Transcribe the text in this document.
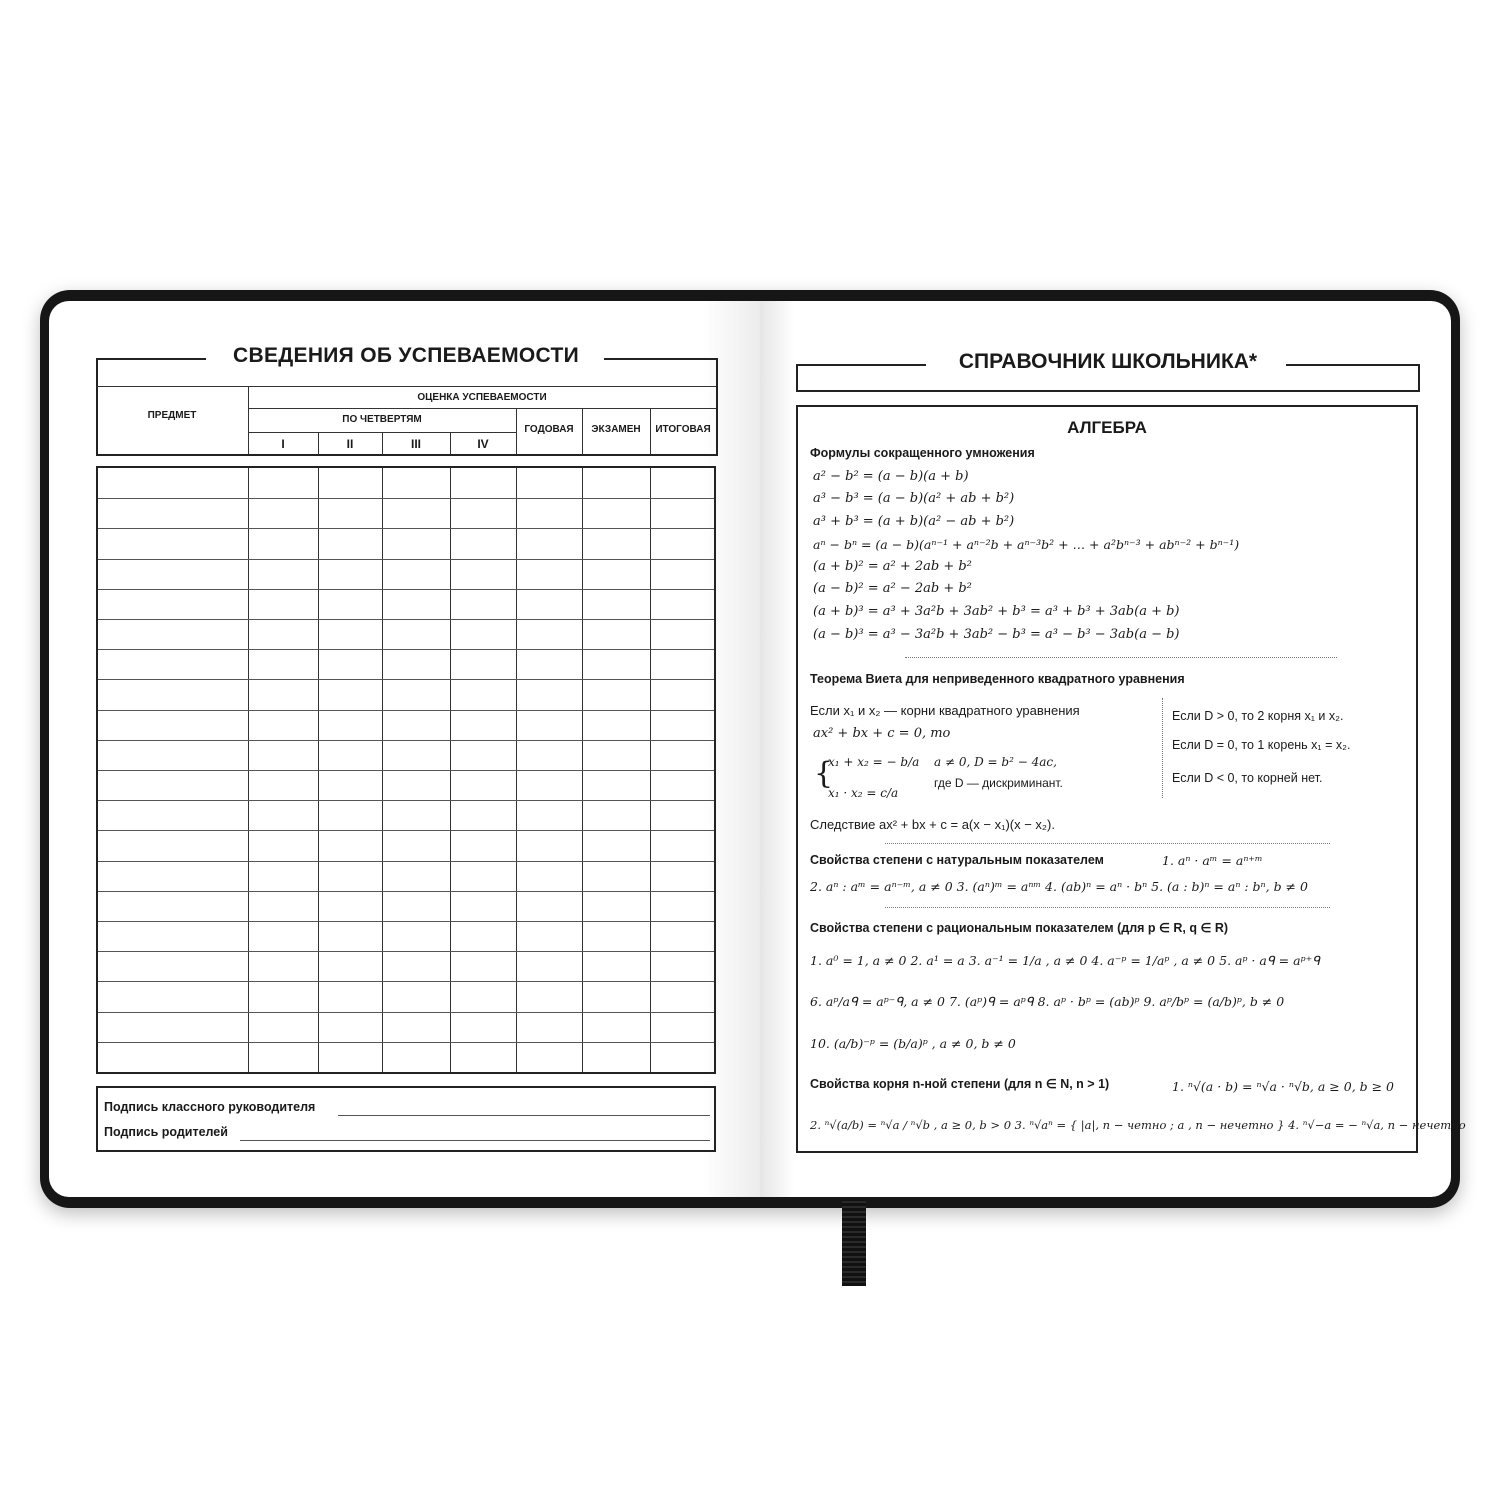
СВЕДЕНИЯ ОБ УСПЕВАЕМОСТИ
ПРЕДМЕТ
ОЦЕНКА УСПЕВАЕМОСТИ
ПО ЧЕТВЕРТЯМ
I	II	III	IV
ГОДОВАЯ	ЭКЗАМЕН	ИТОГОВАЯ
Подпись классного руководителя
Подпись родителей
СПРАВОЧНИК ШКОЛЬНИКА*
АЛГЕБРА
Формулы сокращенного умножения
a² − b² = (a − b)(a + b)
a³ − b³ = (a − b)(a² + ab + b²)
a³ + b³ = (a + b)(a² − ab + b²)
aⁿ − bⁿ = (a − b)(aⁿ⁻¹ + aⁿ⁻²b + aⁿ⁻³b² + … + a²bⁿ⁻³ + abⁿ⁻² + bⁿ⁻¹)
(a + b)² = a² + 2ab + b²
(a − b)² = a² − 2ab + b²
(a + b)³ = a³ + 3a²b + 3ab² + b³ = a³ + b³ + 3ab(a + b)
(a − b)³ = a³ − 3a²b + 3ab² − b³ = a³ − b³ − 3ab(a − b)
Теорема Виета для неприведенного квадратного уравнения
Если x₁ и x₂ — корни квадратного уравнения
ax² + bx + c = 0, то
{
x₁ + x₂ = − b/a
x₁ · x₂ = c/a
a ≠ 0, D = b² − 4ac,
где D — дискриминант.
Если D > 0, то 2 корня x₁ и x₂.
Если D = 0, то 1 корень x₁ = x₂.
Если D < 0, то корней нет.
Следствие ax² + bx + c = a(x − x₁)(x − x₂).
Свойства степени с натуральным показателем	1. aⁿ · aᵐ = aⁿ⁺ᵐ
2. aⁿ : aᵐ = aⁿ⁻ᵐ, a ≠ 0 3. (aⁿ)ᵐ = aⁿᵐ 4. (ab)ⁿ = aⁿ · bⁿ 5. (a : b)ⁿ = aⁿ : bⁿ, b ≠ 0
Свойства степени с рациональным показателем (для p ∈ R, q ∈ R)
1. a⁰ = 1, a ≠ 0 2. a¹ = a 3. a⁻¹ = 1/a , a ≠ 0 4. a⁻ᵖ = 1/aᵖ , a ≠ 0 5. aᵖ · aᑫ = aᵖ⁺ᑫ
6. aᵖ/aᑫ = aᵖ⁻ᑫ, a ≠ 0 7. (aᵖ)ᑫ = aᵖᑫ 8. aᵖ · bᵖ = (ab)ᵖ 9. aᵖ/bᵖ = (a/b)ᵖ, b ≠ 0
10. (a/b)⁻ᵖ = (b/a)ᵖ , a ≠ 0, b ≠ 0
Свойства корня n-ной степени (для n ∈ N, n > 1)	1. ⁿ√(a · b) = ⁿ√a · ⁿ√b, a ≥ 0, b ≥ 0
2. ⁿ√(a/b) = ⁿ√a / ⁿ√b , a ≥ 0, b > 0 3. ⁿ√aⁿ = { |a|, n − четно ; a , n − нечетно } 4. ⁿ√−a = − ⁿ√a, n − нечетно
